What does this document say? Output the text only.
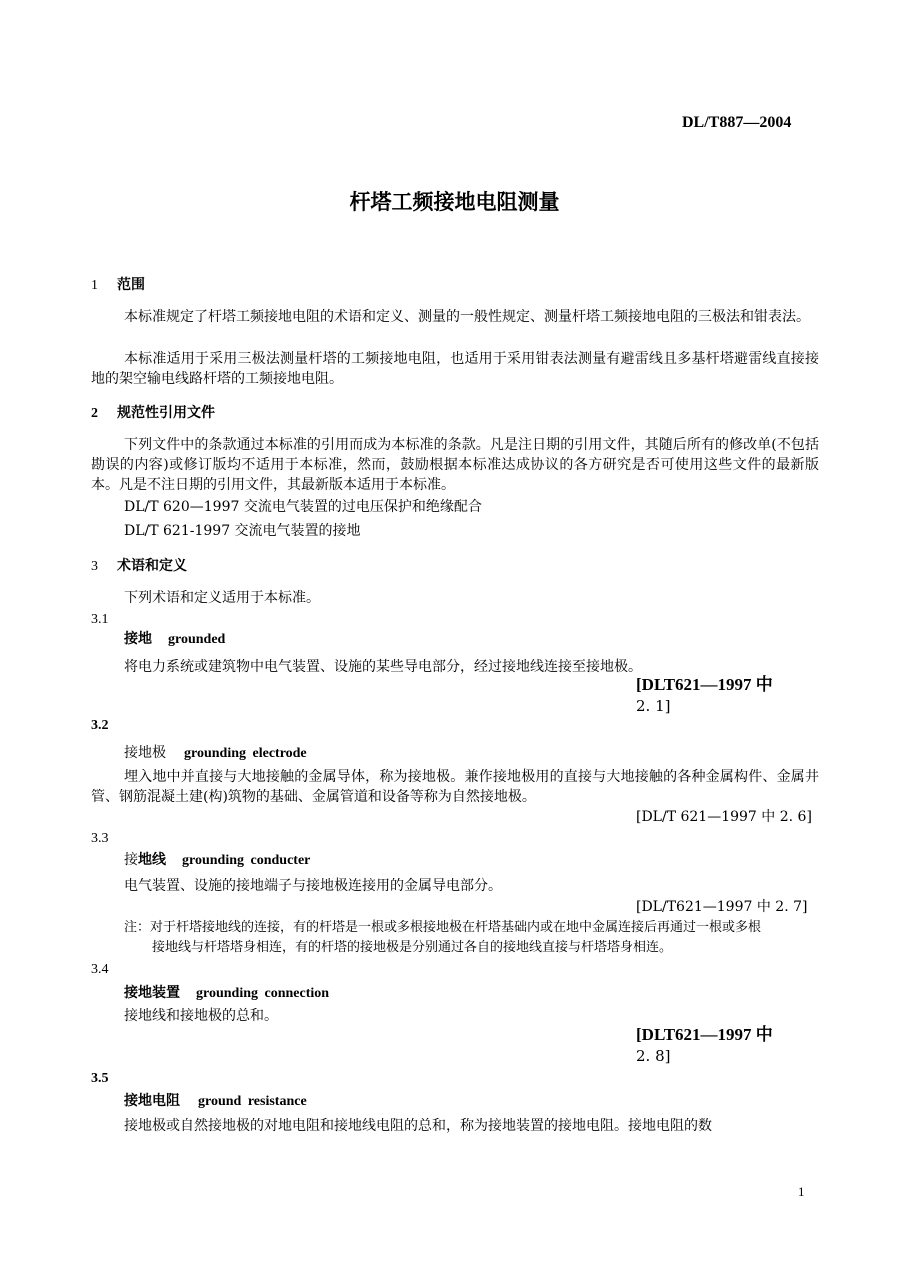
DL/T887—2004
杆塔工频接地电阻测量
1 范围
本标准规定了杆塔工频接地电阻的术语和定义、测量的一般性规定、测量杆塔工频接地电阻的三极法和钳表法。
本标准适用于采用三极法测量杆塔的工频接地电阻，也适用于采用钳表法测量有避雷线且多基杆塔避雷线直接接地的架空输电线路杆塔的工频接地电阻。
2 规范性引用文件
下列文件中的条款通过本标准的引用而成为本标准的条款。凡是注日期的引用文件，其随后所有的修改单(不包括勘误的内容)或修订版均不适用于本标准，然而，鼓励根据本标准达成协议的各方研究是否可使用这些文件的最新版本。凡是不注日期的引用文件，其最新版本适用于本标准。
DL/T 620—1997 交流电气装置的过电压保护和绝缘配合
DL/T 621-1997 交流电气装置的接地
3 术语和定义
下列术语和定义适用于本标准。
3.1
接地 grounded
将电力系统或建筑物中电气装置、设施的某些导电部分，经过接地线连接至接地极。
[DLT621—1997 中
2. 1]
3.2
接地极 grounding electrode
埋入地中并直接与大地接触的金属导体，称为接地极。兼作接地极用的直接与大地接触的各种金属构件、金属井管、钢筋混凝土建(构)筑物的基础、金属管道和设备等称为自然接地极。
[DL/T 621—1997 中 2. 6]
3.3
接地线 grounding conducter
电气装置、设施的接地端子与接地极连接用的金属导电部分。
[DL/T621—1997 中 2. 7]
注：对于杆塔接地线的连接，有的杆塔是一根或多根接地极在杆塔基础内或在地中金属连接后再通过一根或多根
接地线与杆塔塔身相连，有的杆塔的接地极是分别通过各自的接地线直接与杆塔塔身相连。
3.4
接地装置 grounding connection
接地线和接地极的总和。
[DLT621—1997 中
2. 8]
3.5
接地电阻 ground resistance
接地极或自然接地极的对地电阻和接地线电阻的总和，称为接地装置的接地电阻。接地电阻的数
1
